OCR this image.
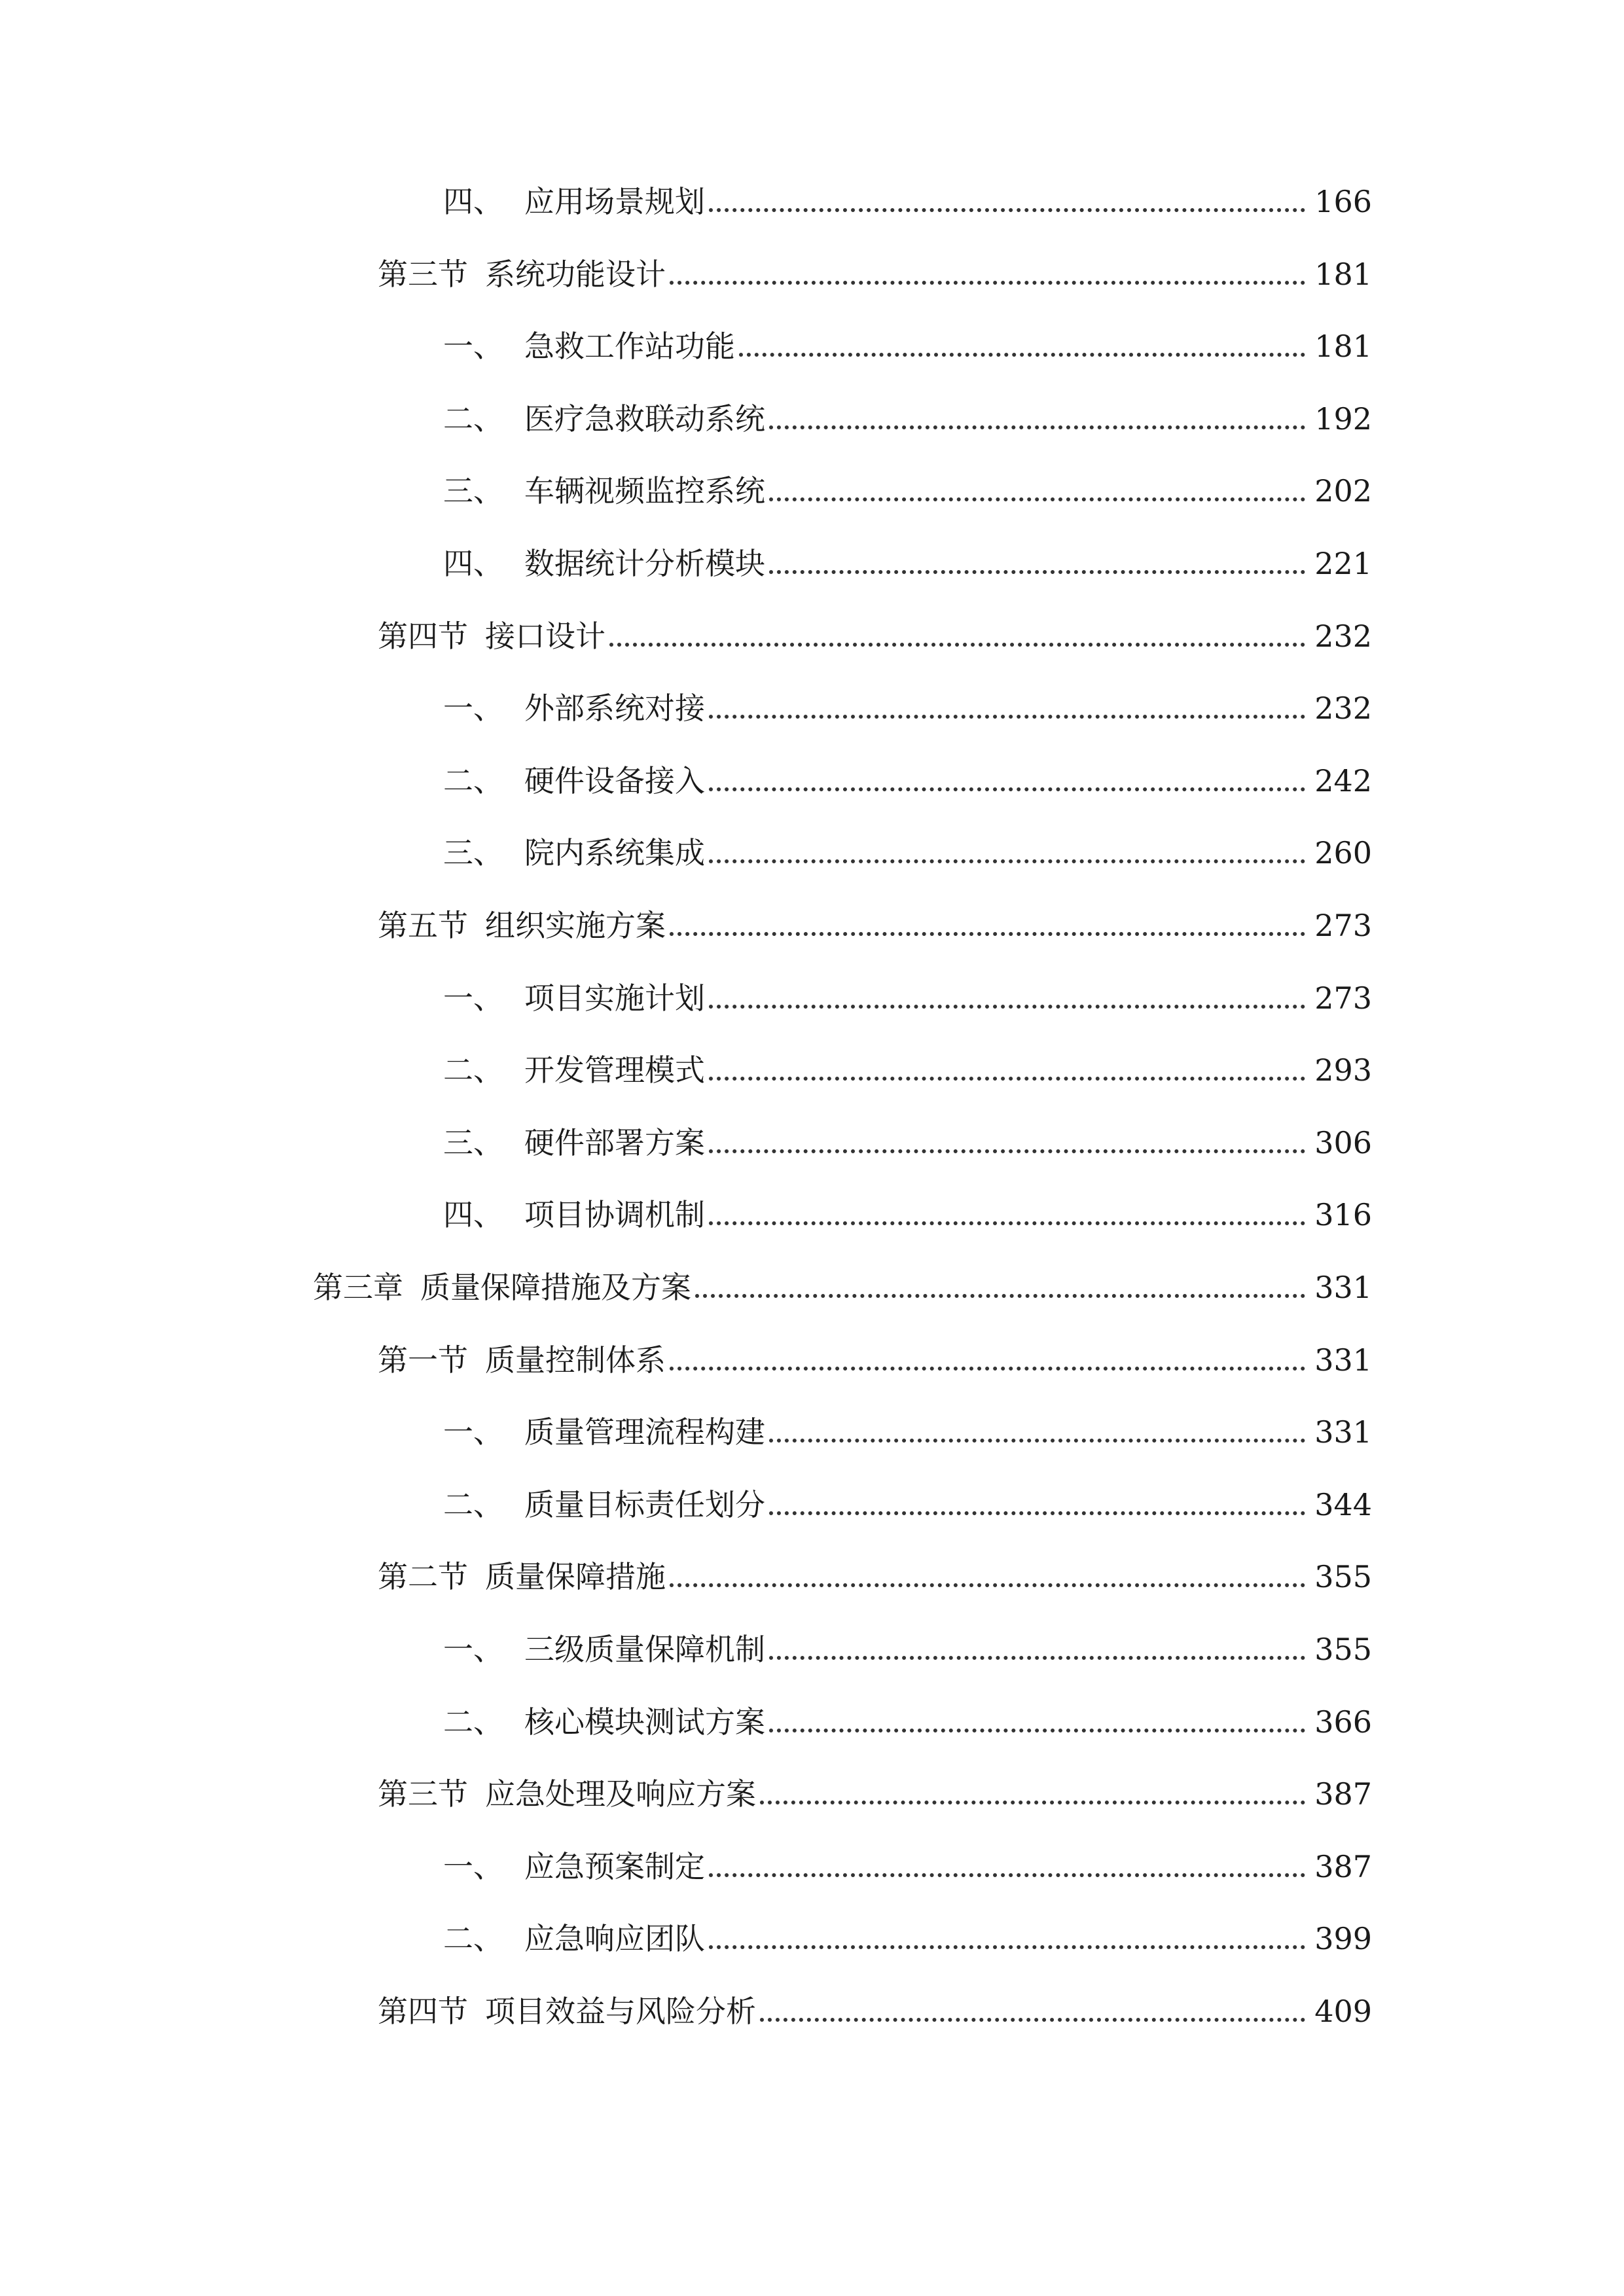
四、 应用场景规划	166
第三节 系统功能设计	181
一、 急救工作站功能	181
二、 医疗急救联动系统	192
三、 车辆视频监控系统	202
四、 数据统计分析模块	221
第四节 接口设计	232
一、 外部系统对接	232
二、 硬件设备接入	242
三、 院内系统集成	260
第五节 组织实施方案	273
一、 项目实施计划	273
二、 开发管理模式	293
三、 硬件部署方案	306
四、 项目协调机制	316
第三章 质量保障措施及方案	331
第一节 质量控制体系	331
一、 质量管理流程构建	331
二、 质量目标责任划分	344
第二节 质量保障措施	355
一、 三级质量保障机制	355
二、 核心模块测试方案	366
第三节 应急处理及响应方案	387
一、 应急预案制定	387
二、 应急响应团队	399
第四节 项目效益与风险分析	409
